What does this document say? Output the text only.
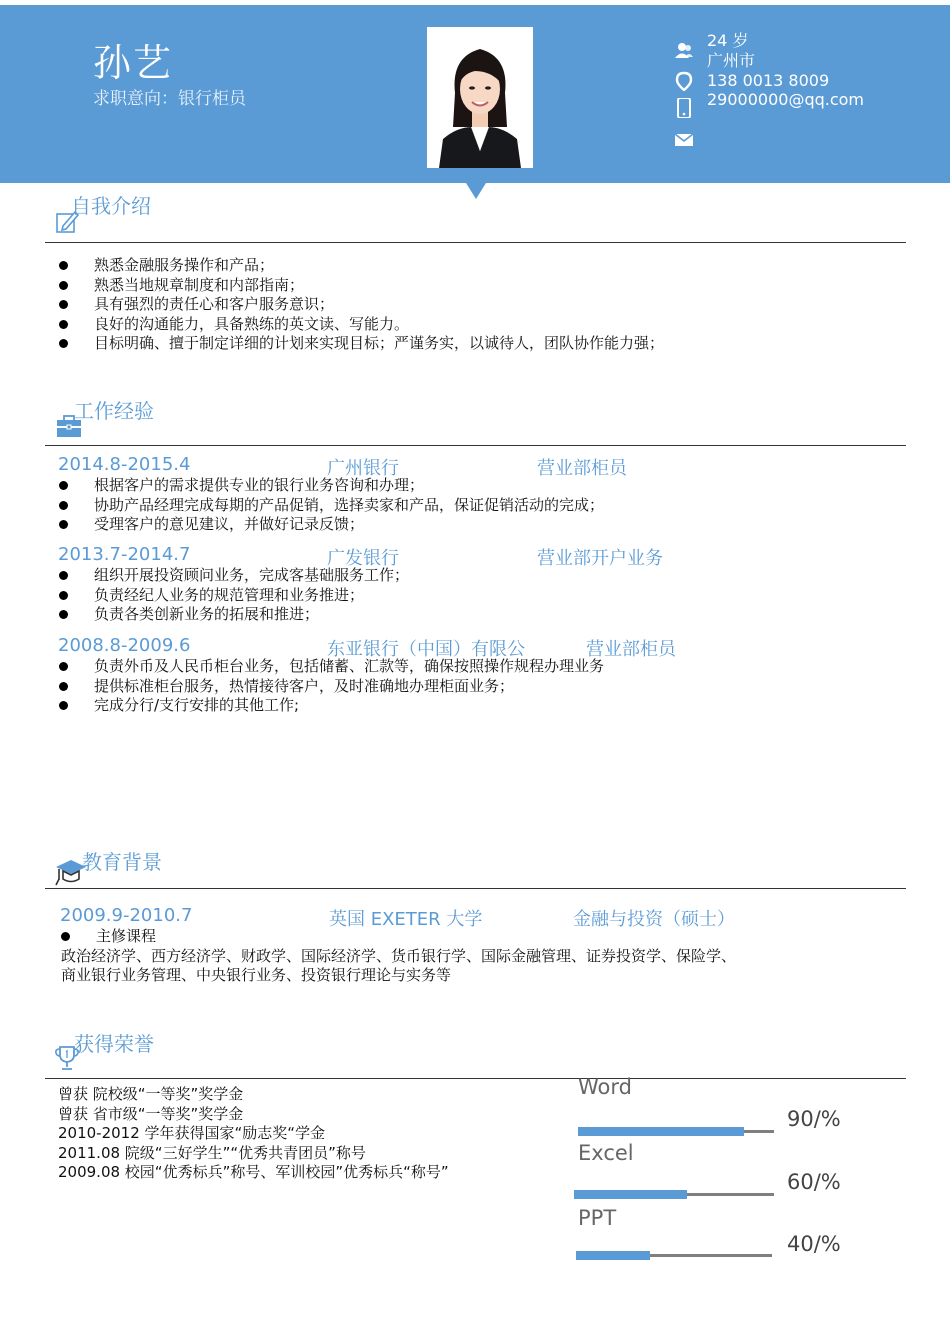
孙艺
求职意向：银行柜员
24 岁
广州市
138 0013 8009
29000000@qq.com
自我介绍
熟悉金融服务操作和产品；
熟悉当地规章制度和内部指南；
具有强烈的责任心和客户服务意识；
良好的沟通能力，具备熟练的英文读、写能力。
目标明确、擅于制定详细的计划来实现目标；严谨务实，以诚待人，团队协作能力强；
工作经验
2014.8-2015.4	广州银行	营业部柜员
根据客户的需求提供专业的银行业务咨询和办理；
协助产品经理完成每期的产品促销，选择卖家和产品，保证促销活动的完成；
受理客户的意见建议，并做好记录反馈；
2013.7-2014.7	广发银行	营业部开户业务
组织开展投资顾问业务，完成客基础服务工作；
负责经纪人业务的规范管理和业务推进；
负责各类创新业务的拓展和推进；
2008.8-2009.6	东亚银行（中国）有限公	营业部柜员
负责外币及人民币柜台业务，包括储蓄、汇款等，确保按照操作规程办理业务
提供标准柜台服务，热情接待客户，及时准确地办理柜面业务；
完成分行/支行安排的其他工作;
教育背景
2009.9-2010.7	英国 EXETER 大学	金融与投资（硕士）
主修课程
政治经济学、西方经济学、财政学、国际经济学、货币银行学、国际金融管理、证券投资学、保险学、
商业银行业务管理、中央银行业务、投资银行理论与实务等
获得荣誉
曾获 院校级“一等奖”奖学金
曾获 省市级“一等奖”奖学金
2010-2012 学年获得国家“励志奖“学金
2011.08 院级“三好学生”“优秀共青团员”称号
2009.08 校园“优秀标兵”称号、军训校园”优秀标兵“称号”
Word
90/%
Excel
60/%
PPT
40/%
